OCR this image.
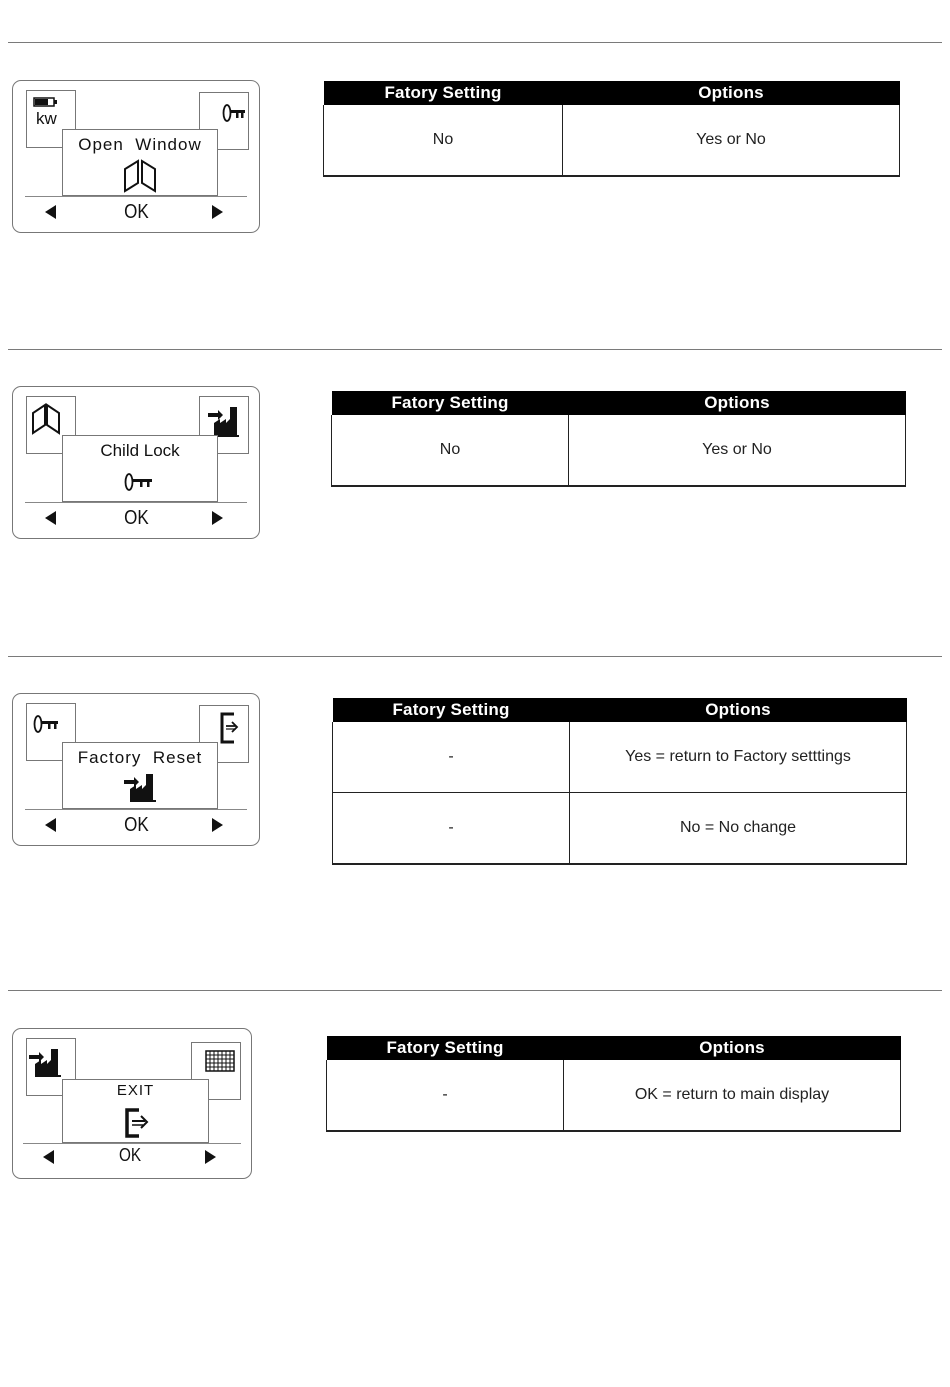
kw
Open  Window
OK
Fatory Setting	Options
No	Yes or No
Child Lock
OK
Fatory Setting	Options
No	Yes or No
Factory  Reset
OK
Fatory Setting	Options
-	Yes = return to Factory setttings
-	No = No change
EXIT
OK
Fatory Setting	Options
-	OK = return to main display
